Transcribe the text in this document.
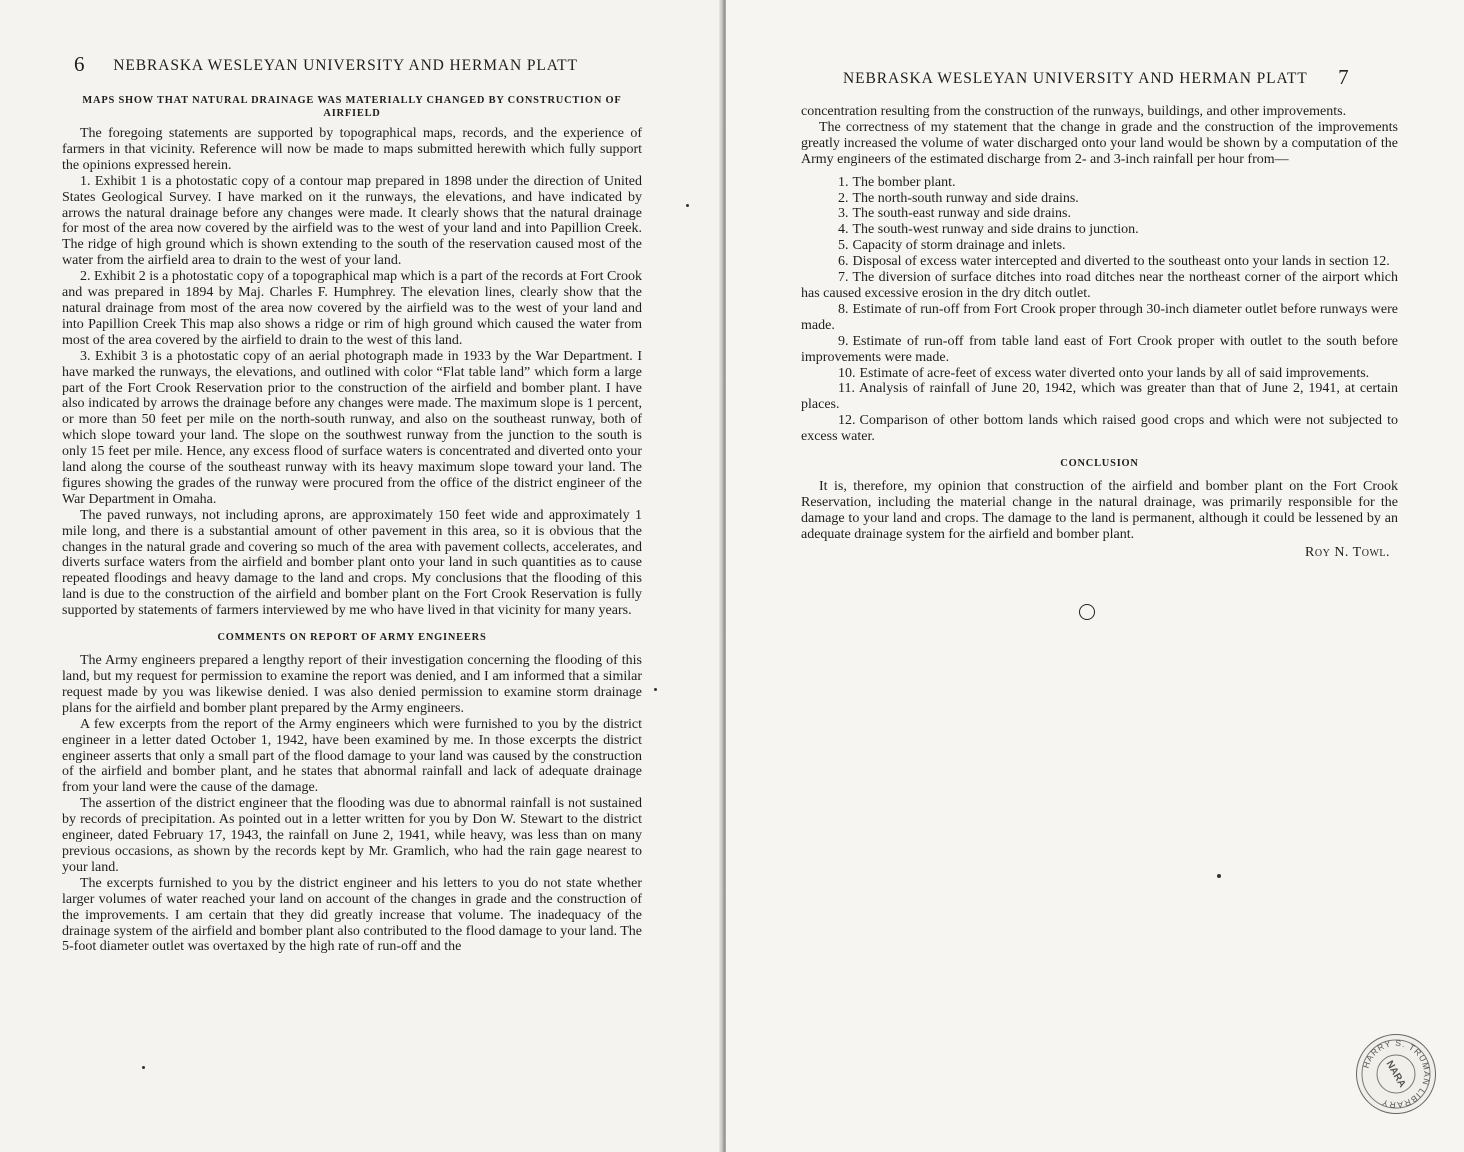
6 NEBRASKA WESLEYAN UNIVERSITY AND HERMAN PLATT
MAPS SHOW THAT NATURAL DRAINAGE WAS MATERIALLY CHANGED BY CONSTRUCTION OF AIRFIELD

The foregoing statements are supported by topographical maps, records, and the experience of farmers in that vicinity. Reference will now be made to maps submitted herewith which fully support the opinions expressed herein.

1. Exhibit 1 is a photostatic copy of a contour map prepared in 1898 under the direction of United States Geological Survey. I have marked on it the runways, the elevations, and have indicated by arrows the natural drainage before any changes were made. It clearly shows that the natural drainage for most of the area now covered by the airfield was to the west of your land and into Papillion Creek. The ridge of high ground which is shown extending to the south of the reservation caused most of the water from the airfield area to drain to the west of your land.

2. Exhibit 2 is a photostatic copy of a topographical map which is a part of the records at Fort Crook and was prepared in 1894 by Maj. Charles F. Humphrey. The elevation lines, clearly show that the natural drainage from most of the area now covered by the airfield was to the west of your land and into Papillion Creek This map also shows a ridge or rim of high ground which caused the water from most of the area covered by the airfield to drain to the west of this land.

3. Exhibit 3 is a photostatic copy of an aerial photograph made in 1933 by the War Department. I have marked the runways, the elevations, and outlined with color “Flat table land” which form a large part of the Fort Crook Reservation prior to the construction of the airfield and bomber plant. I have also indicated by arrows the drainage before any changes were made. The maximum slope is 1 percent, or more than 50 feet per mile on the north-south runway, and also on the southeast runway, both of which slope toward your land. The slope on the southwest runway from the junction to the south is only 15 feet per mile. Hence, any excess flood of surface waters is concentrated and diverted onto your land along the course of the southeast runway with its heavy maximum slope toward your land. The figures showing the grades of the runway were procured from the office of the district engineer of the War Department in Omaha.

The paved runways, not including aprons, are approximately 150 feet wide and approximately 1 mile long, and there is a substantial amount of other pavement in this area, so it is obvious that the changes in the natural grade and covering so much of the area with pavement collects, accelerates, and diverts surface waters from the airfield and bomber plant onto your land in such quantities as to cause repeated floodings and heavy damage to the land and crops. My conclusions that the flooding of this land is due to the construction of the airfield and bomber plant on the Fort Crook Reservation is fully supported by statements of farmers interviewed by me who have lived in that vicinity for many years.

COMMENTS ON REPORT OF ARMY ENGINEERS

The Army engineers prepared a lengthy report of their investigation concerning the flooding of this land, but my request for permission to examine the report was denied, and I am informed that a similar request made by you was likewise denied. I was also denied permission to examine storm drainage plans for the airfield and bomber plant prepared by the Army engineers.

A few excerpts from the report of the Army engineers which were furnished to you by the district engineer in a letter dated October 1, 1942, have been examined by me. In those excerpts the district engineer asserts that only a small part of the flood damage to your land was caused by the construction of the airfield and bomber plant, and he states that abnormal rainfall and lack of adequate drainage from your land were the cause of the damage.

The assertion of the district engineer that the flooding was due to abnormal rainfall is not sustained by records of precipitation. As pointed out in a letter written for you by Don W. Stewart to the district engineer, dated February 17, 1943, the rainfall on June 2, 1941, while heavy, was less than on many previous occasions, as shown by the records kept by Mr. Gramlich, who had the rain gage nearest to your land.

The excerpts furnished to you by the district engineer and his letters to you do not state whether larger volumes of water reached your land on account of the changes in grade and the construction of the improvements. I am certain that they did greatly increase that volume. The inadequacy of the drainage system of the airfield and bomber plant also contributed to the flood damage to your land. The 5-foot diameter outlet was overtaxed by the high rate of run-off and the

NEBRASKA WESLEYAN UNIVERSITY AND HERMAN PLATT 7

concentration resulting from the construction of the runways, buildings, and other improvements.

The correctness of my statement that the change in grade and the construction of the improvements greatly increased the volume of water discharged onto your land would be shown by a computation of the Army engineers of the estimated discharge from 2- and 3-inch rainfall per hour from—

1. The bomber plant.
2. The north-south runway and side drains.
3. The south-east runway and side drains.
4. The south-west runway and side drains to junction.
5. Capacity of storm drainage and inlets.
6. Disposal of excess water intercepted and diverted to the southeast onto your lands in section 12.
7. The diversion of surface ditches into road ditches near the northeast corner of the airport which has caused excessive erosion in the dry ditch outlet.
8. Estimate of run-off from Fort Crook proper through 30-inch diameter outlet before runways were made.
9. Estimate of run-off from table land east of Fort Crook proper with outlet to the south before improvements were made.
10. Estimate of acre-feet of excess water diverted onto your lands by all of said improvements.
11. Analysis of rainfall of June 20, 1942, which was greater than that of June 2, 1941, at certain places.
12. Comparison of other bottom lands which raised good crops and which were not subjected to excess water.
CONCLUSION

It is, therefore, my opinion that construction of the airfield and bomber plant on the Fort Crook Reservation, including the material change in the natural drainage, was primarily responsible for the damage to your land and crops. The damage to the land is permanent, although it could be lessened by an adequate drainage system for the airfield and bomber plant.

Roy N. Towl.
HARRY S. TRUMAN LIBRARY
NARA
